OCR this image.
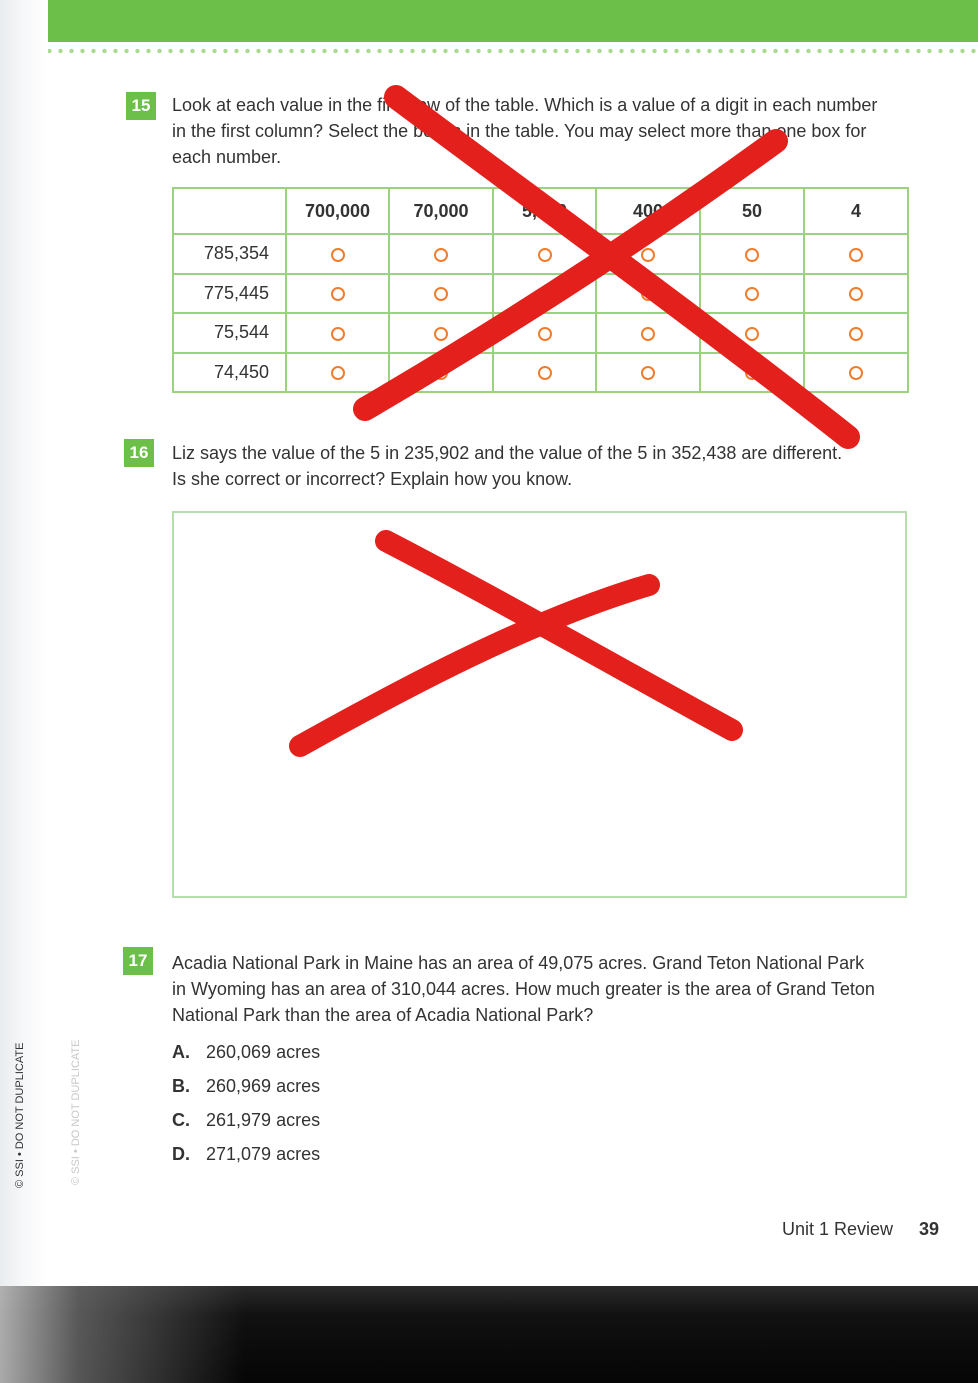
© SSI • DO NOT DUPLICATE	© SSI • DO NOT DUPLICATE
15	Look at each value in the first row of the table. Which is a value of a digit in each number
in the first column? Select the boxes in the table. You may select more than one box for
each number.
	700,000	70,000	5,000	400	50	4
785,354						
775,445						
75,544						
74,450						
16	Liz says the value of the 5 in 235,902 and the value of the 5 in 352,438 are different.
Is she correct or incorrect? Explain how you know.
17	Acadia National Park in Maine has an area of 49,075 acres. Grand Teton National Park
in Wyoming has an area of 310,044 acres. How much greater is the area of Grand Teton
National Park than the area of Acadia National Park?
A. 260,069 acres
B. 260,969 acres
C. 261,979 acres
D. 271,079 acres
Unit 1 Review 39
